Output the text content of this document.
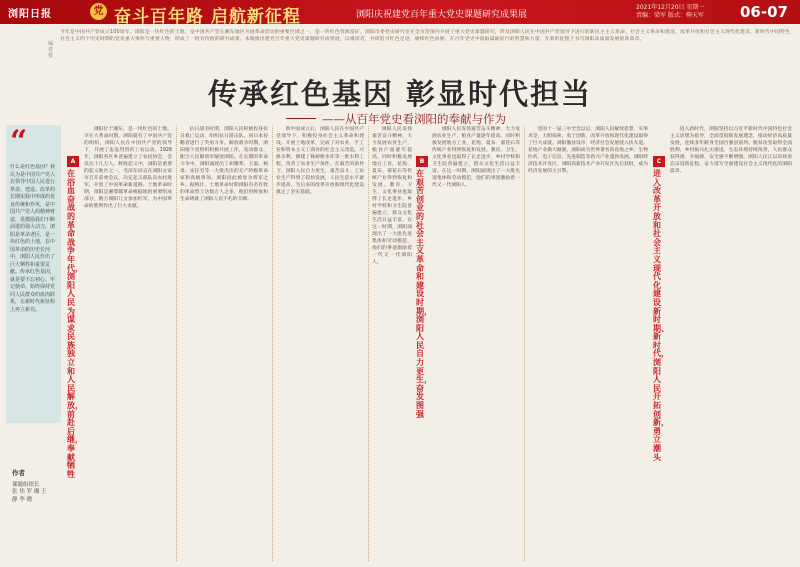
浏阳日报	党 奋斗百年路 启航新征程	浏阳庆祝建党百年重大党史课题研究成果展
2021年12月20日 星期一
责编：梁军 版式：柳天军 06-07
编者按
今年是中国共产党成立100周年。浏阳是一块红色的土地，是中国共产党在湘东地区开展革命活动的重要区域之一，是一块红色资源富矿。浏阳市委党史研究室在全市范围内开展了重大党史课题研究，涉及浏阳人民在中国共产党领导下进行的新民主主义革命、社会主义革命和建设、改革开放和社会主义现代化建设、新时代中国特色社会主义四个历史时期的党史重大事件与重要人物，形成了一批有价值的研究成果。本版推出建党百年重大党史课题研究成果展，以飨读者，共同追寻红色足迹，赓续红色血脉，在百年党史中汲取砥砺前行的智慧和力量，在新的征程上书写浏阳高质量发展的新篇章。
传承红色基因 彰显时代担当
——从百年党史看浏阳的奉献与作为
“
什么是红色基因？我认为是中国共产党人在领导中国人民进行革命、建设、改革的长期实践中形成的优良传统和作风，是中国共产党人的精神财富，是激励我们不断前进的强大动力。浏阳是革命老区，是一块红色的土地，在中国革命的历史长河中，浏阳人民作出了巨大牺牲和重要贡献。传承红色基因，就是要不忘初心、牢记使命，始终保持党同人民群众的血肉联系，在新时代新征程上再立新功。
作者
课题组组长
张 伟 罗 湘 王 静 李 晓
A
在浴血奋战的革命战争年代，浏阳人民为谋求民族独立和人民解放，前赴后继，奉献牺牲
B
在艰苦创业的社会主义革命和建设时期，浏阳人民自力更生，奋发图强
C
进入改革开放和社会主义现代化建设新时期、新时代，浏阳人民开拓创新，勇立潮头

浏阳位于湘东，是一块红色的土地。早在大革命时期，浏阳就有了中国共产党的组织，浏阳人民在中国共产党的领导下，开展了轰轰烈烈的工农运动。1926年，浏阳各区乡普遍建立了农民协会，会员达十几万人。秋收起义中，浏阳是重要的起义地区之一，毛泽东同志在浏阳文家市召开前委会议，决定起义部队向农村进军，开创了中国革命新道路。土地革命时期，浏阳是湘鄂赣革命根据地的重要组成部分，数万浏阳儿女参加红军，为中国革命的胜利作出了巨大贡献。

抗日战争时期，浏阳人民积极投身抗日救亡运动，组织抗日游击队，同日本侵略者进行了英勇斗争。解放战争时期，浏阳地下党组织积极开展工作，发动群众，配合人民解放军解放浏阳。在长期的革命斗争中，浏阳涌现出了胡耀邦、王震、杨勇、宋任穷等一大批杰出的无产阶级革命家和高级将领，浏阳因此被誉为将军之乡。据统计，土地革命时期浏阳有名有姓的革命烈士达数万人之多，他们用鲜血和生命铸就了浏阳人民不朽的丰碑。

新中国成立后，浏阳人民在中国共产党领导下，积极投身社会主义革命和建设。开展土地改革，完成了对农业、手工业和资本主义工商业的社会主义改造。兴修水利，修建了株树桥水库等一批水利工程，改善了农业生产条件。在艰苦的条件下，浏阳人民自力更生，艰苦奋斗，工农业生产得到了较快发展，人民生活水平逐步提高，为后来的改革开放和现代化建设奠定了坚实基础。

浏阳人民发扬艰苦奋斗精神，大力发展农业生产，粮食产量逐年提高。同时积极发展地方工业，花炮、夏布、菊花石等传统产业得到恢复和发展。教育、卫生、文化事业也取得了长足进步，乡村学校和卫生院普遍建立，群众文化生活日益丰富。在这一时期，浏阳涌现出了一大批先进集体和劳动模范，他们的事迹激励着一代又一代浏阳人。

浏阳人民发扬艰苦奋斗精神，大力发展农业生产，粮食产量逐年提高。同时积极发展地方工业，花炮、夏布、菊花石等传统产业得到恢复和发展。教育、卫生、文化事业也取得了长足进步，乡村学校和卫生院普遍建立，群众文化生活日益丰富。在这一时期，浏阳涌现出了一大批先进集体和劳动模范，他们的事迹激励着一代又一代浏阳人。

党的十一届三中全会以后，浏阳人民解放思想、实事求是，大胆探索，勇于创新，改革开放和现代化建设取得了巨大成就。浏阳撤县设市，经济社会发展驶入快车道。花炮产业做大做强，浏阳成为世界著名的花炮之乡；生物医药、电子信息、先进制造等新兴产业蓬勃发展。浏阳经济技术开发区、浏阳高新技术产业开发区先后获批，成为经济发展的主引擎。

进入新时代，浏阳坚持以习近平新时代中国特色社会主义思想为指导，全面贯彻新发展理念，推动经济高质量发展，连续多年跻身全国百强县前列。脱贫攻坚取得全面胜利，乡村振兴扎实推进，生态环境持续改善，人民群众获得感、幸福感、安全感不断增强。浏阳人民正以昂扬姿态奋进新征程，奋力谱写全面建设社会主义现代化的浏阳篇章。
